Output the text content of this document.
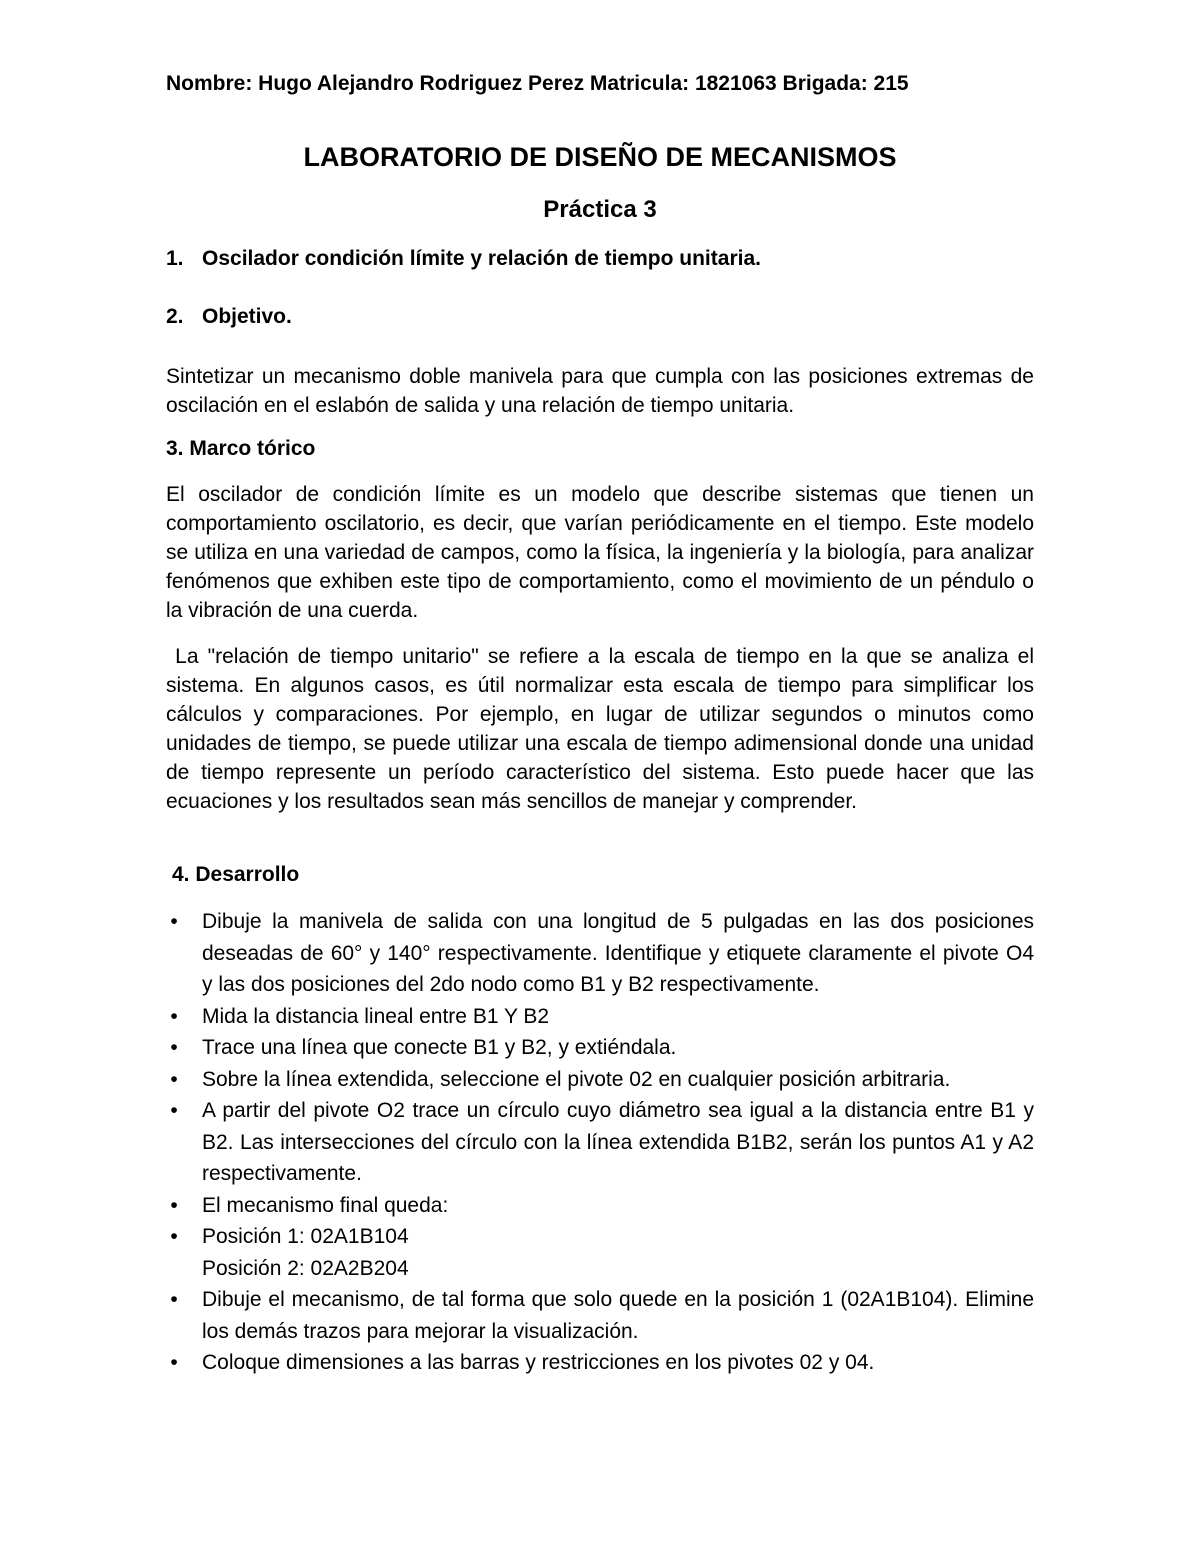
Nombre: Hugo Alejandro Rodriguez Perez Matricula: 1821063 Brigada: 215
LABORATORIO DE DISEÑO DE MECANISMOS
Práctica 3
1. Oscilador condición límite y relación de tiempo unitaria.
2. Objetivo.
Sintetizar un mecanismo doble manivela para que cumpla con las posiciones extremas de oscilación en el eslabón de salida y una relación de tiempo unitaria.
3. Marco tórico
El oscilador de condición límite es un modelo que describe sistemas que tienen un comportamiento oscilatorio, es decir, que varían periódicamente en el tiempo. Este modelo se utiliza en una variedad de campos, como la física, la ingeniería y la biología, para analizar fenómenos que exhiben este tipo de comportamiento, como el movimiento de un péndulo o la vibración de una cuerda.
La "relación de tiempo unitario" se refiere a la escala de tiempo en la que se analiza el sistema. En algunos casos, es útil normalizar esta escala de tiempo para simplificar los cálculos y comparaciones. Por ejemplo, en lugar de utilizar segundos o minutos como unidades de tiempo, se puede utilizar una escala de tiempo adimensional donde una unidad de tiempo represente un período característico del sistema. Esto puede hacer que las ecuaciones y los resultados sean más sencillos de manejar y comprender.
4. Desarrollo
• Dibuje la manivela de salida con una longitud de 5 pulgadas en las dos posiciones deseadas de 60° y 140° respectivamente. Identifique y etiquete claramente el pivote O4 y las dos posiciones del 2do nodo como B1 y B2 respectivamente.
• Mida la distancia lineal entre B1 Y B2
• Trace una línea que conecte B1 y B2, y extiéndala.
• Sobre la línea extendida, seleccione el pivote 02 en cualquier posición arbitraria.
• A partir del pivote O2 trace un círculo cuyo diámetro sea igual a la distancia entre B1 y B2. Las intersecciones del círculo con la línea extendida B1B2, serán los puntos A1 y A2 respectivamente.
• El mecanismo final queda:
• Posición 1: 02A1B104
Posición 2: 02A2B204
• Dibuje el mecanismo, de tal forma que solo quede en la posición 1 (02A1B104). Elimine los demás trazos para mejorar la visualización.
• Coloque dimensiones a las barras y restricciones en los pivotes 02 y 04.
